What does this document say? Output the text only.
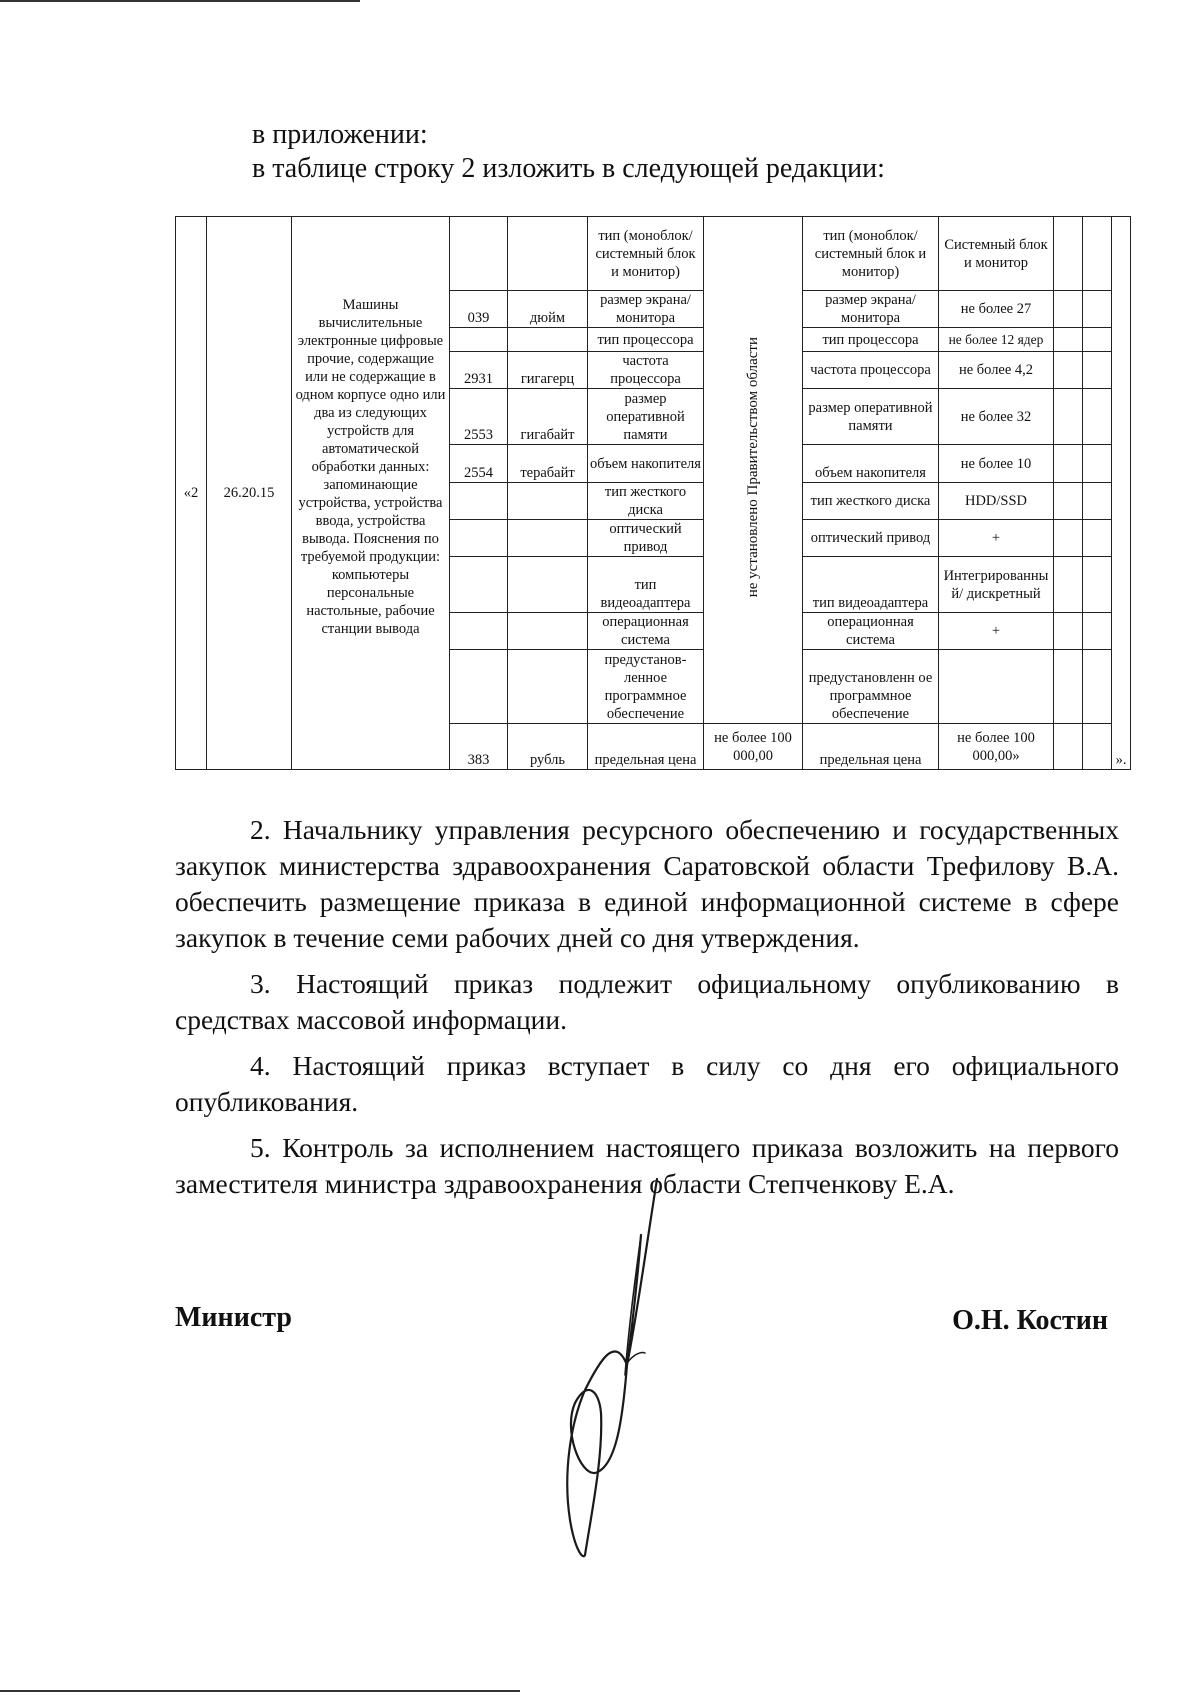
в приложении:
в таблице строку 2 изложить в следующей редакции:
«2	26.20.15	Машины вычислительные электронные цифровые прочие, содержащие или не содержащие в одном корпусе одно или два из следующих устройств для автоматической обработки данных: запоминающие устройства, устройства ввода, устройства вывода. Пояснения по требуемой продукции: компьютеры персональные настольные, рабочие станции вывода			тип (моноблок/ системный блок и монитор)	не установлено Правительством области	тип (моноблок/ системный блок и монитор)	Системный блок и монитор			».
			039	дюйм	размер экрана/ монитора		размер экрана/ монитора	не более 27			
					тип процессора		тип процессора	не более 12 ядер			
			2931	гигагерц	частота процессора		частота процессора	не более 4,2			
			2553	гигабайт	размер оперативной памяти		размер оперативной памяти	не более 32			
			2554	терабайт	объем накопителя		объем накопителя	не более 10			
					тип жесткого диска		тип жесткого диска	HDD/SSD			
					оптический привод		оптический привод	+			
					тип видеоадаптера		тип видеоадаптера	Интегрированны й/ дискретный			
					операционная система		операционная система	+			
					предустанов-ленное программное обеспечение		предустановленн ое программное обеспечение				
			383	рубль	предельная цена	не более 100 000,00	предельная цена	не более 100 000,00»			

2. Начальнику управления ресурсного обеспечению и государственных закупок министерства здравоохранения Саратовской области Трефилову В.А. обеспечить размещение приказа в единой информационной системе в сфере закупок в течение семи рабочих дней со дня утверждения.

3. Настоящий приказ подлежит официальному опубликованию в средствах массовой информации.

4. Настоящий приказ вступает в силу со дня его официального опубликования.

5. Контроль за исполнением настоящего приказа возложить на первого заместителя министра здравоохранения области Степченкову Е.А.

Министр	О.Н. Костин
